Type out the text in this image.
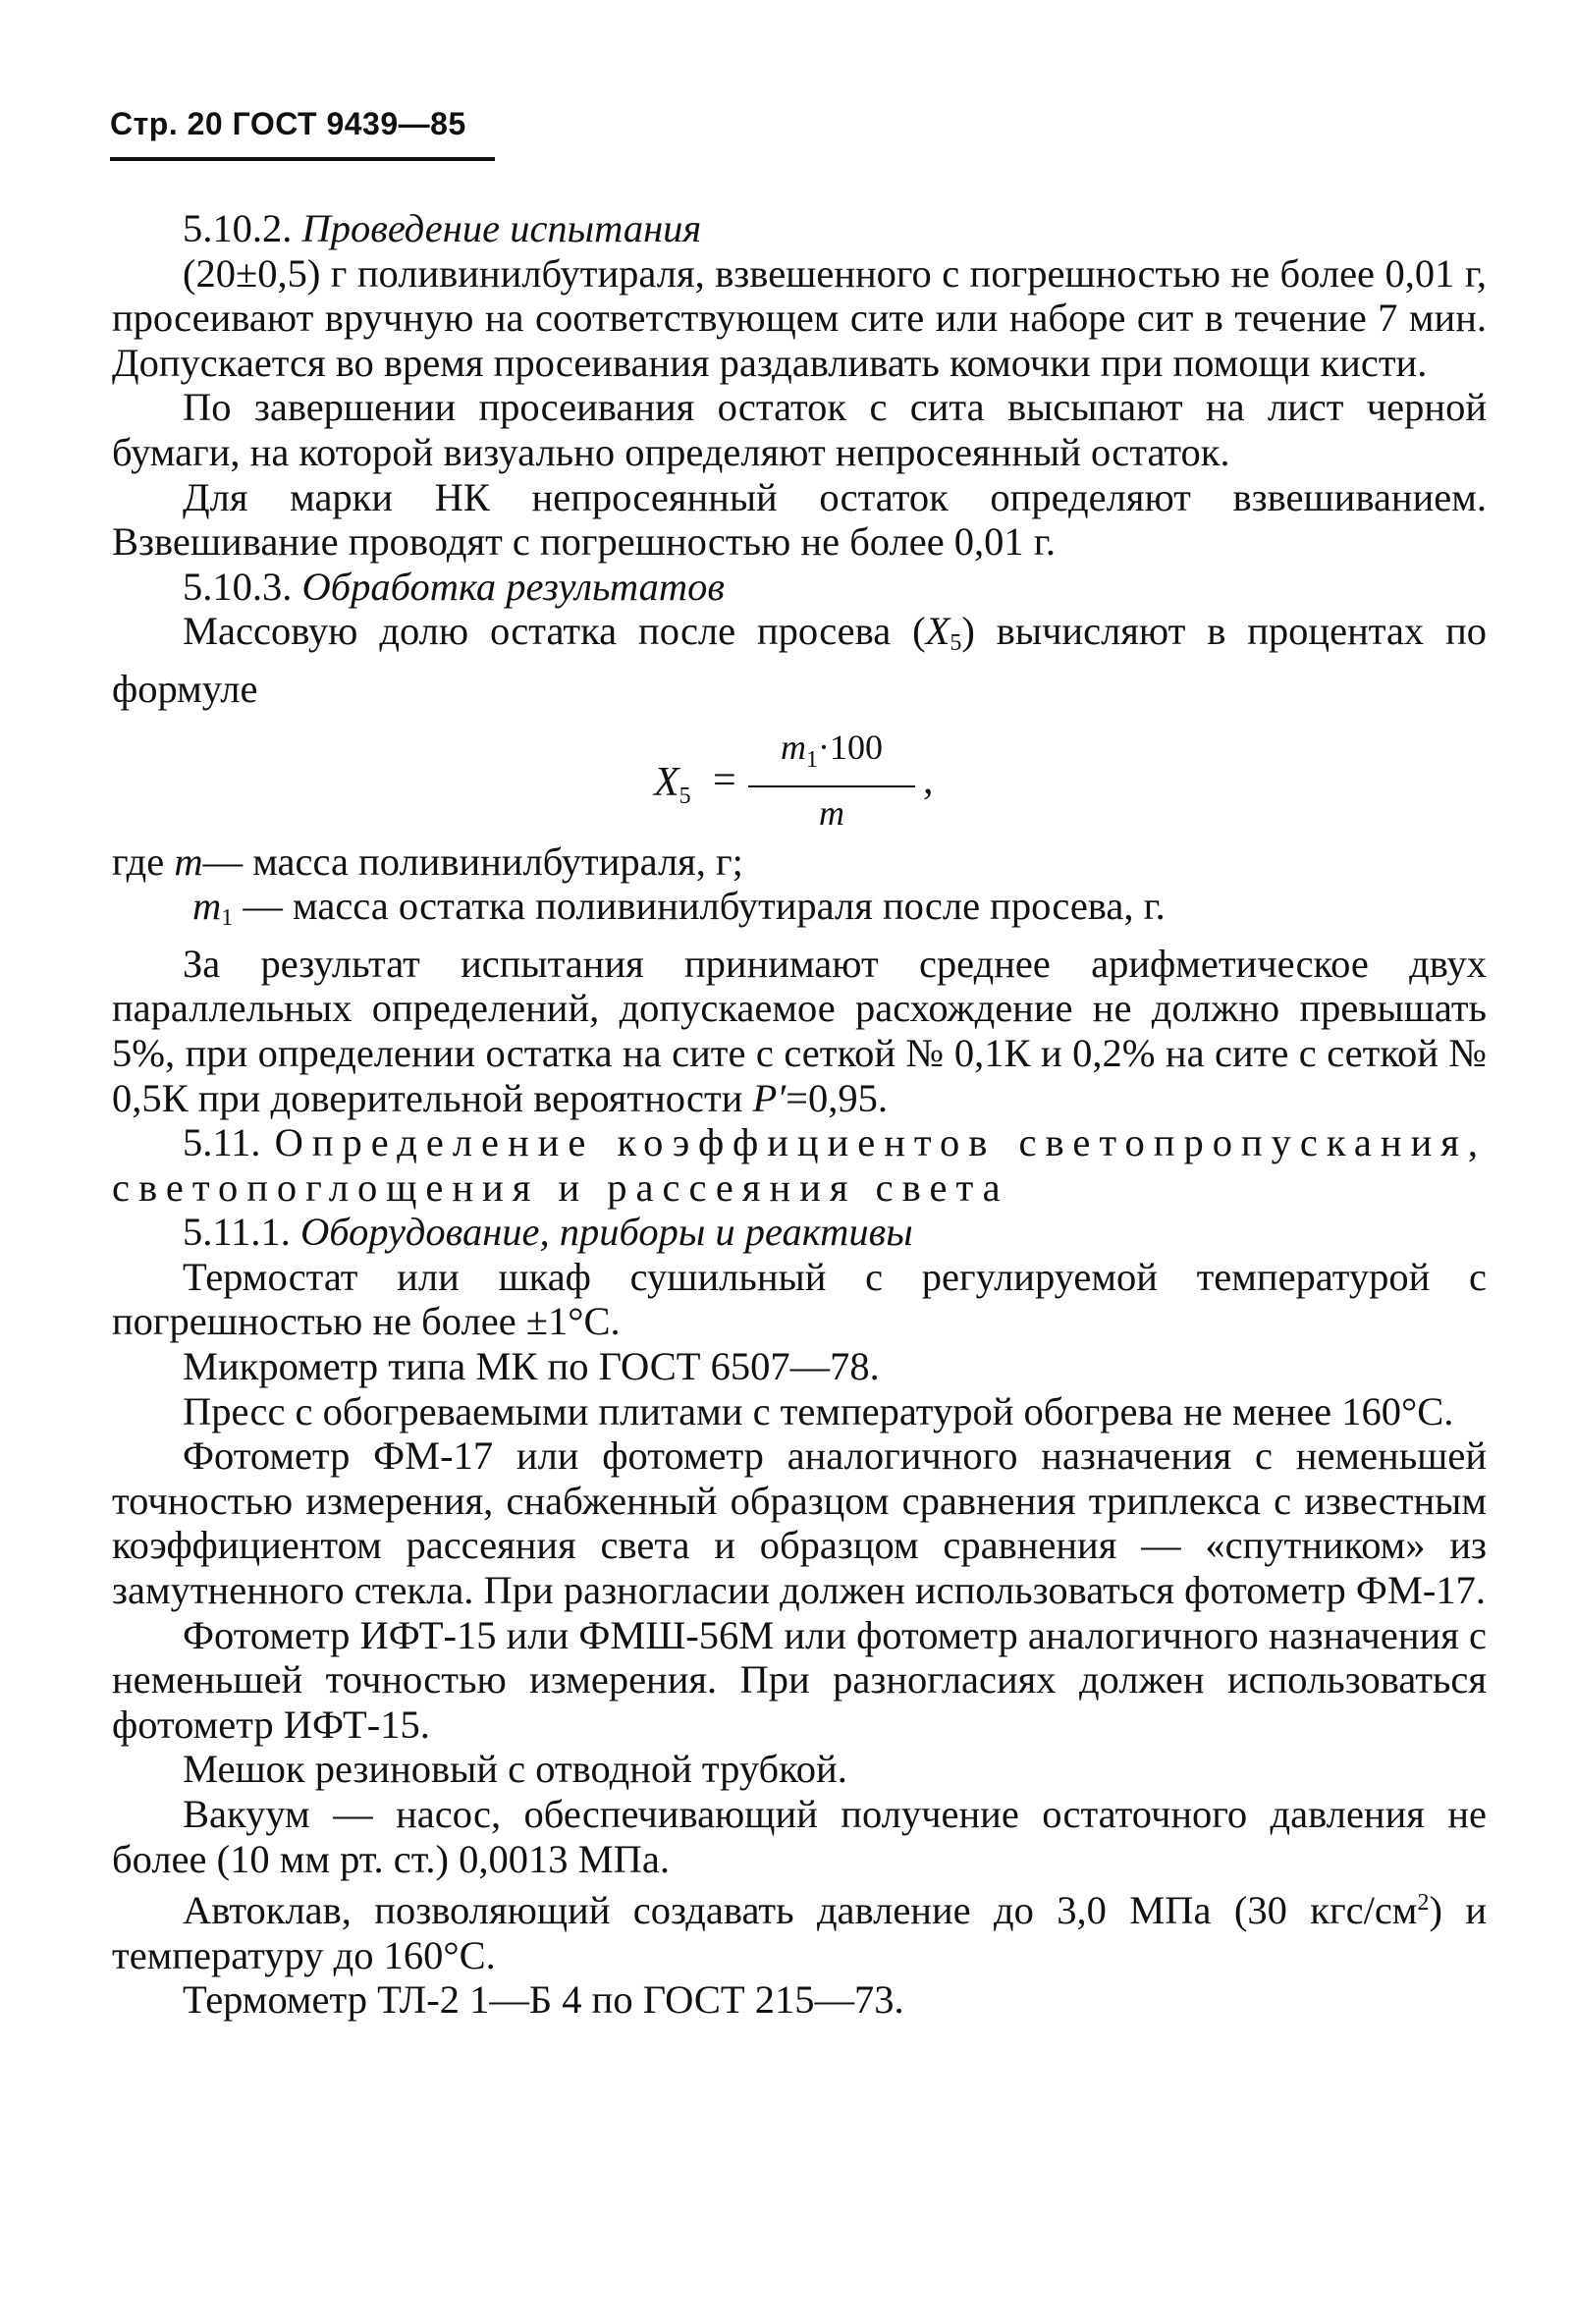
Стр. 20 ГОСТ 9439—85

5.10.2. Проведение испытания

(20±0,5) г поливинилбутираля, взвешенного с погрешностью не более 0,01 г, просеивают вручную на соответствующем сите или наборе сит в течение 7 мин. Допускается во время просеивания раздавливать комочки при помощи кисти.

По завершении просеивания остаток с сита высыпают на лист черной бумаги, на которой визуально определяют непросеянный остаток.

Для марки НК непросеянный остаток определяют взвешиванием. Взвешивание проводят с погрешностью не более 0,01 г.

5.10.3. Обработка результатов

Массовую долю остатка после просева (X5) вычисляют в процентах по формуле

X5 =
$m_1\cdot 100$
m
,

где m— масса поливинилбутираля, г;

m1 — масса остатка поливинилбутираля после просева, г.

За результат испытания принимают среднее арифметическое двух параллельных определений, допускаемое расхождение не должно превышать 5%, при определении остатка на сите с сеткой № 0,1К и 0,2% на сите с сеткой № 0,5К при доверительной вероятности P′=0,95.

5.11. Определение коэффициентов светопропускания, светопоглощения и рассеяния света

5.11.1. Оборудование, приборы и реактивы

Термостат или шкаф сушильный с регулируемой температурой с погрешностью не более ±1°С.

Микрометр типа МК по ГОСТ 6507—78.

Пресс с обогреваемыми плитами с температурой обогрева не менее 160°С.

Фотометр ФМ-17 или фотометр аналогичного назначения с неменьшей точностью измерения, снабженный образцом сравнения триплекса с известным коэффициентом рассеяния света и образцом сравнения — «спутником» из замутненного стекла. При разногласии должен использоваться фотометр ФМ-17.

Фотометр ИФТ-15 или ФМШ-56М или фотометр аналогичного назначения с неменьшей точностью измерения. При разногласиях должен использоваться фотометр ИФТ-15.

Мешок резиновый с отводной трубкой.

Вакуум — насос, обеспечивающий получение остаточного давления не более (10 мм рт. ст.) 0,0013 МПа.

Автоклав, позволяющий создавать давление до 3,0 МПа (30 кгс/$см^2$) и температуру до 160°С.

Термометр ТЛ-2 1—Б 4 по ГОСТ 215—73.
